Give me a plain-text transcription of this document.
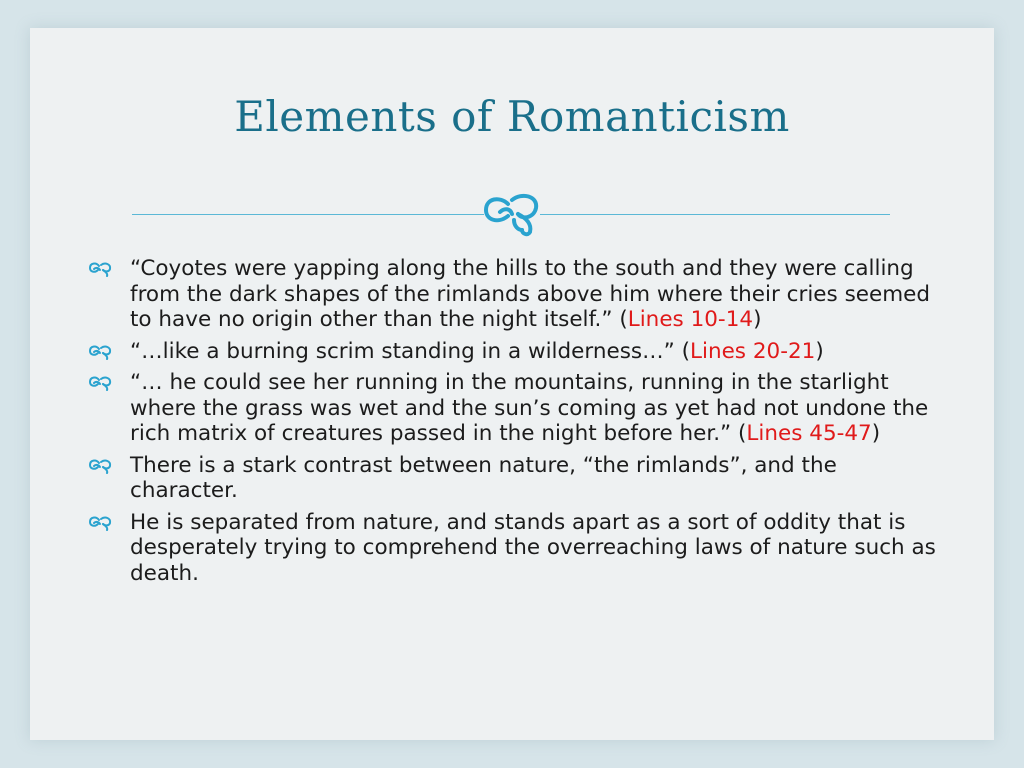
Elements of Romanticism
“Coyotes were yapping along the hills to the south and they were calling from the dark shapes of the rimlands above him where their cries seemed to have no origin other than the night itself.” (Lines 10-14)
“…like a burning scrim standing in a wilderness…” (Lines 20-21)
“… he could see her running in the mountains, running in the starlight where the grass was wet and the sun’s coming as yet had not undone the rich matrix of creatures passed in the night before her.” (Lines 45-47)
There is a stark contrast between nature, “the rimlands”, and the character.
He is separated from nature, and stands apart as a sort of oddity that is desperately trying to comprehend the overreaching laws of nature such as death.
